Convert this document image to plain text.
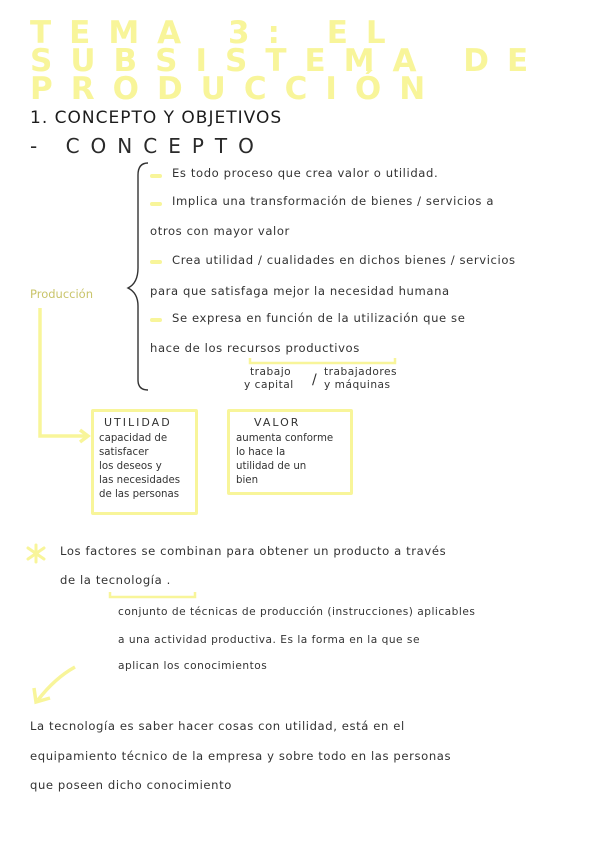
TEMA 3: EL
SUBSISTEMA DE
PRODUCCIÓN
1. CONCEPTO Y OBJETIVOS
- CONCEPTO
Producción
Es todo proceso que crea valor o utilidad.
Implica una transformación de bienes / servicios a
otros con mayor valor
Crea utilidad / cualidades en dichos bienes / servicios
para que satisfaga mejor la necesidad humana
Se expresa en función de la utilización que se
hace de los recursos productivos
trabajo
y capital / trabajadores
y máquinas
UTILIDAD
capacidad de
satisfacer
los deseos y
las necesidades
de las personas
VALOR
aumenta conforme
lo hace la
utilidad de un
bien
Los factores se combinan para obtener un producto a través
de la tecnología .
conjunto de técnicas de producción (instrucciones) aplicables
a una actividad productiva. Es la forma en la que se
aplican los conocimientos
La tecnología es saber hacer cosas con utilidad, está en el
equipamiento técnico de la empresa y sobre todo en las personas
que poseen dicho conocimiento
